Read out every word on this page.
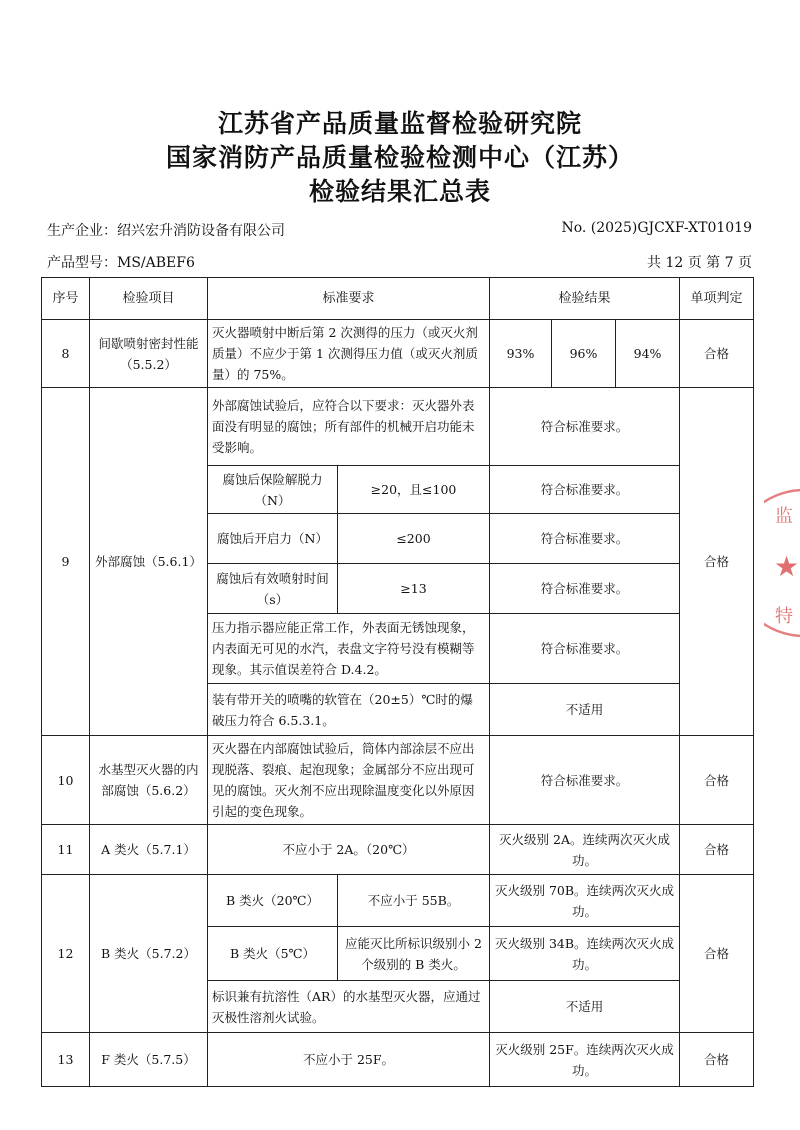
江苏省产品质量监督检验研究院
国家消防产品质量检验检测中心（江苏）
检验结果汇总表
生产企业：绍兴宏升消防设备有限公司	No. (2025)GJCXF-XT01019
产品型号：MS/ABEF6	共 12 页 第 7 页
序号	检验项目	标准要求		检验结果			单项判定
8	间歇喷射密封性能（5.5.2）	灭火器喷射中断后第 2 次测得的压力（或灭火剂质量）不应少于第 1 次测得压力值（或灭火剂质量）的 75%。		93%	96%	94%	合格
9	外部腐蚀（5.6.1）	外部腐蚀试验后，应符合以下要求：灭火器外表面没有明显的腐蚀；所有部件的机械开启功能未受影响。		符合标准要求。			合格
		腐蚀后保险解脱力（N）	≥20，且≤100	符合标准要求。			
		腐蚀后开启力（N）	≤200	符合标准要求。			
		腐蚀后有效喷射时间（s）	≥13	符合标准要求。			
		压力指示器应能正常工作，外表面无锈蚀现象，内表面无可见的水汽，表盘文字符号没有模糊等现象。其示值误差符合 D.4.2。		符合标准要求。			
		装有带开关的喷嘴的软管在（20±5）℃时的爆破压力符合 6.5.3.1。		不适用			
10	水基型灭火器的内部腐蚀（5.6.2）	灭火器在内部腐蚀试验后，筒体内部涂层不应出现脱落、裂痕、起泡现象；金属部分不应出现可见的腐蚀。灭火剂不应出现除温度变化以外原因引起的变色现象。		符合标准要求。			合格
11	A 类火（5.7.1）	不应小于 2A。（20℃）		灭火级别 2A。连续两次灭火成功。			合格
12	B 类火（5.7.2）	B 类火（20℃）	不应小于 55B。	灭火级别 70B。连续两次灭火成功。			合格
		B 类火（5℃）	应能灭比所标识级别小 2 个级别的 B 类火。	灭火级别 34B。连续两次灭火成功。			
		标识兼有抗溶性（AR）的水基型灭火器，应通过灭极性溶剂火试验。		不适用			
13	F 类火（5.7.5）	不应小于 25F。		灭火级别 25F。连续两次灭火成功。			合格
监
★
特
